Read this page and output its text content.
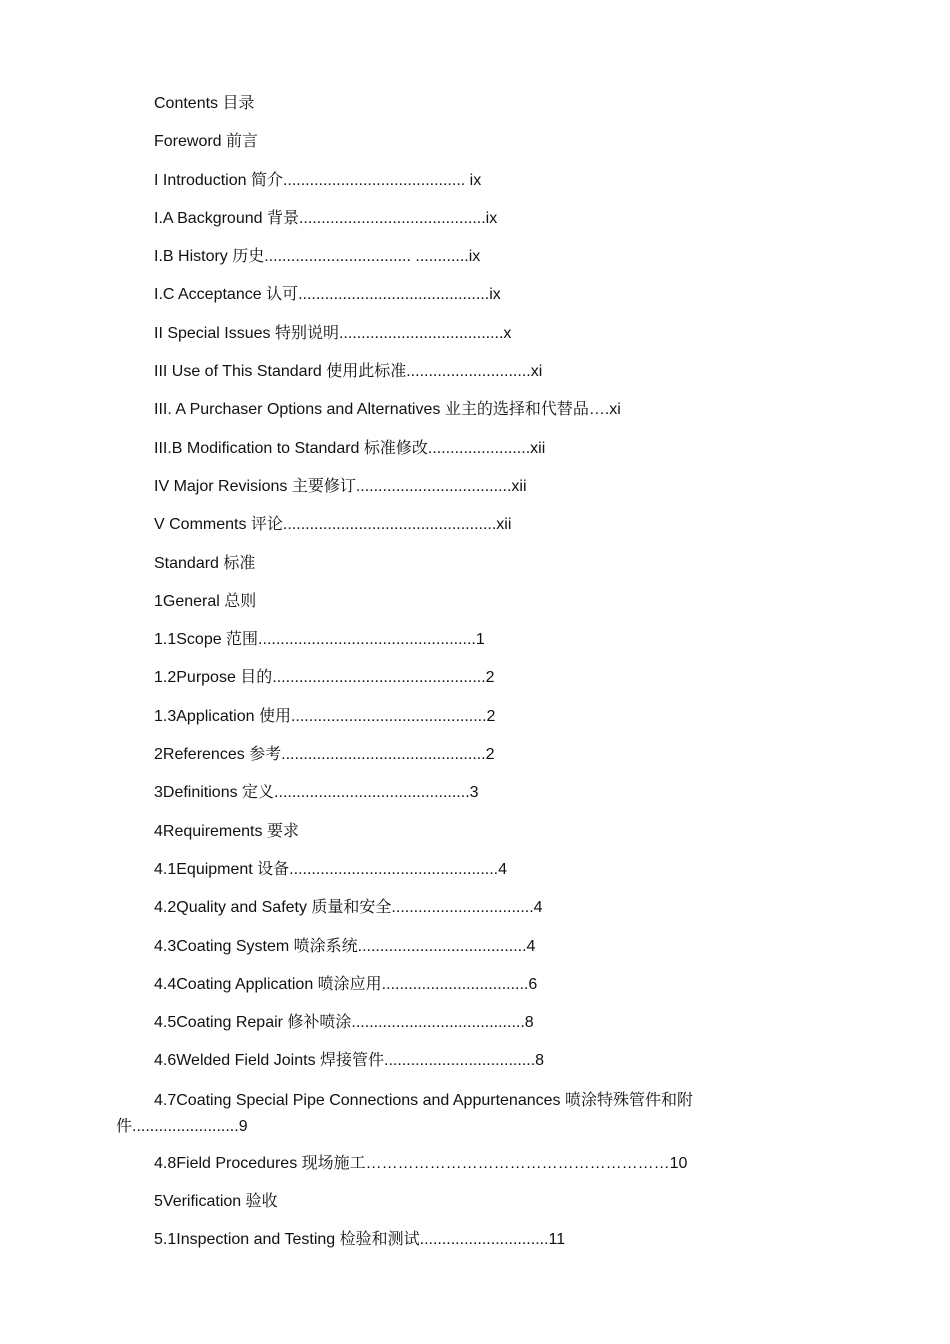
Contents 目录
Foreword 前言
I Introduction 简介......................................... ix
I.A Background 背景..........................................ix
I.B History 历史................................. ............ix
I.C Acceptance 认可...........................................ix
II Special Issues 特别说明.....................................x
III Use of This Standard 使用此标准............................xi
III. A Purchaser Options and Alternatives 业主的选择和代替品….xi
III.B Modification to Standard 标准修改.......................xii
IV Major Revisions 主要修订...................................xii
V Comments 评论................................................xii
Standard 标准
1General 总则
1.1Scope 范围.................................................1
1.2Purpose 目的................................................2
1.3Application 使用............................................2
2References 参考..............................................2
3Definitions 定义............................................3
4Requirements 要求
4.1Equipment 设备...............................................4
4.2Quality and Safety 质量和安全................................4
4.3Coating System 喷涂系统......................................4
4.4Coating Application 喷涂应用.................................6
4.5Coating Repair 修补喷涂.......................................8
4.6Welded Field Joints 焊接管件..................................8
4.7Coating Special Pipe Connections and Appurtenances 喷涂特殊管件和附件........................9
4.8Field Procedures 现场施工…………………………………………………10
5Verification 验收
5.1Inspection and Testing 检验和测试.............................11
